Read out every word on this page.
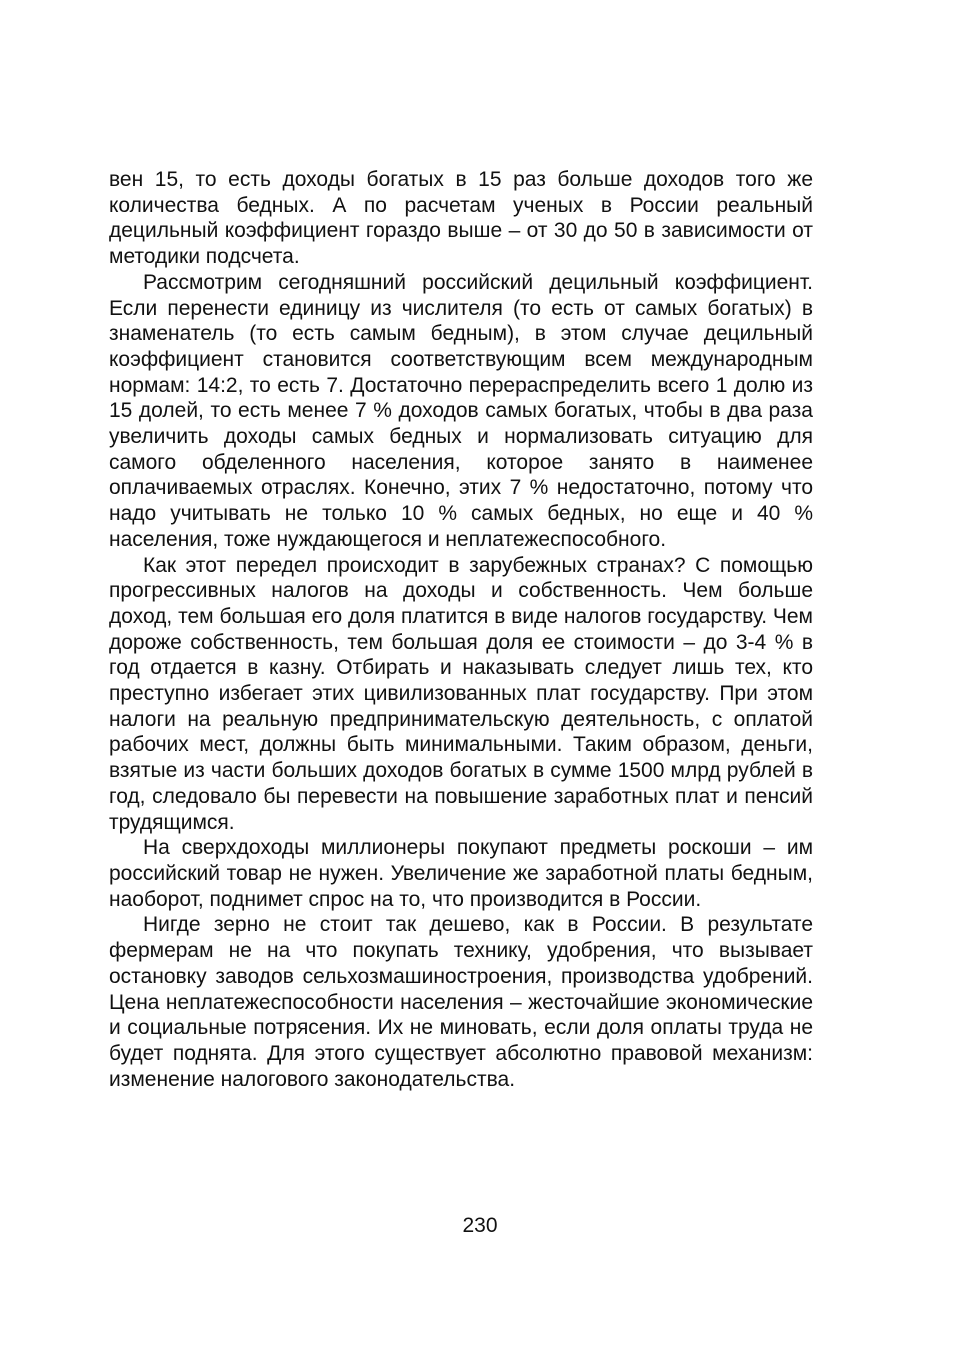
вен 15, то есть доходы богатых в 15 раз больше доходов того же количества бедных. А по расчетам ученых в России реальный децильный коэффициент гораздо выше – от 30 до 50 в зависимости от методики подсчета.

Рассмотрим сегодняшний российский децильный коэффициент. Если перенести единицу из числителя (то есть от самых богатых) в знаменатель (то есть самым бедным), в этом случае децильный коэффициент становится соответствующим всем международным нормам: 14:2, то есть 7. Достаточно перераспределить всего 1 долю из 15 долей, то есть менее 7 % доходов самых богатых, чтобы в два раза увеличить доходы самых бедных и нормализовать ситуацию для самого обделенного населения, которое занято в наименее оплачиваемых отраслях. Конечно, этих 7 % недостаточно, потому что надо учитывать не только 10 % самых бедных, но еще и 40 % населения, тоже нуждающегося и неплатежеспособного.

Как этот передел происходит в зарубежных странах? С помощью прогрессивных налогов на доходы и собственность. Чем больше доход, тем большая его доля платится в виде налогов государству. Чем дороже собственность, тем большая доля ее стоимости – до 3-4 % в год отдается в казну. Отбирать и наказывать следует лишь тех, кто преступно избегает этих цивилизованных плат государству. При этом налоги на реальную предпринимательскую деятельность, с оплатой рабочих мест, должны быть минимальными. Таким образом, деньги, взятые из части больших доходов богатых в сумме 1500 млрд рублей в год, следовало бы перевести на повышение заработных плат и пенсий трудящимся.

На сверхдоходы миллионеры покупают предметы роскоши – им российский товар не нужен. Увеличение же заработной платы бедным, наоборот, поднимет спрос на то, что производится в России.

Нигде зерно не стоит так дешево, как в России. В результате фермерам не на что покупать технику, удобрения, что вызывает остановку заводов сельхозмашиностроения, производства удобрений. Цена неплатежеспособности населения – жесточайшие экономические и социальные потрясения. Их не миновать, если доля оплаты труда не будет поднята. Для этого существует абсолютно правовой механизм: изменение налогового законодательства.

230
